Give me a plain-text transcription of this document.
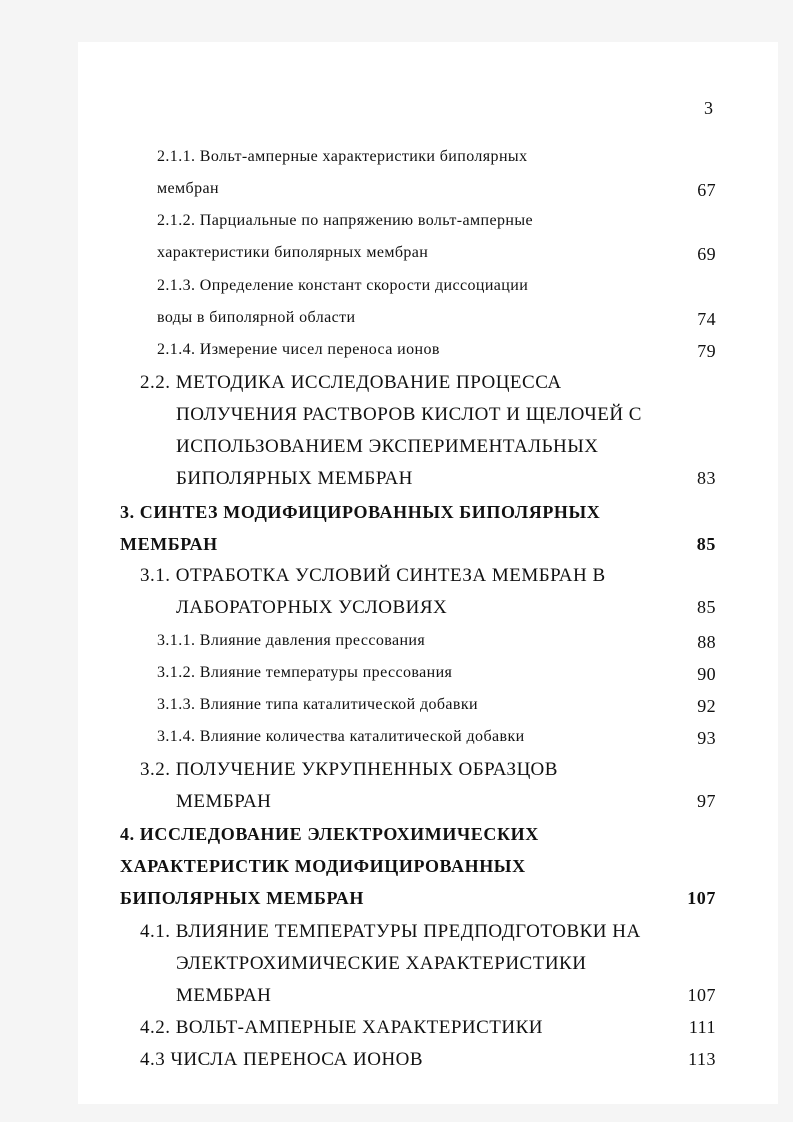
3
2.1.1. Вольт-амперные характеристики биполярных
мембран	67
2.1.2. Парциальные по напряжению вольт-амперные
характеристики биполярных мембран	69
2.1.3. Определение констант скорости диссоциации
воды в биполярной области	74
2.1.4. Измерение чисел переноса ионов	79
2.2. МЕТОДИКА ИССЛЕДОВАНИЕ ПРОЦЕССА
ПОЛУЧЕНИЯ РАСТВОРОВ КИСЛОТ И ЩЕЛОЧЕЙ С
ИСПОЛЬЗОВАНИЕМ ЭКСПЕРИМЕНТАЛЬНЫХ
БИПОЛЯРНЫХ МЕМБРАН	83
3. СИНТЕЗ МОДИФИЦИРОВАННЫХ БИПОЛЯРНЫХ
МЕМБРАН	85
3.1. ОТРАБОТКА УСЛОВИЙ СИНТЕЗА МЕМБРАН В
ЛАБОРАТОРНЫХ УСЛОВИЯХ	85
3.1.1. Влияние давления прессования	88
3.1.2. Влияние температуры прессования	90
3.1.3. Влияние типа каталитической добавки	92
3.1.4. Влияние количества каталитической добавки	93
3.2. ПОЛУЧЕНИЕ УКРУПНЕННЫХ ОБРАЗЦОВ
МЕМБРАН	97
4. ИССЛЕДОВАНИЕ ЭЛЕКТРОХИМИЧЕСКИХ
ХАРАКТЕРИСТИК МОДИФИЦИРОВАННЫХ
БИПОЛЯРНЫХ МЕМБРАН	107
4.1. ВЛИЯНИЕ ТЕМПЕРАТУРЫ ПРЕДПОДГОТОВКИ НА
ЭЛЕКТРОХИМИЧЕСКИЕ ХАРАКТЕРИСТИКИ
МЕМБРАН	107
4.2. ВОЛЬТ-АМПЕРНЫЕ ХАРАКТЕРИСТИКИ	111
4.3 ЧИСЛА ПЕРЕНОСА ИОНОВ	113
